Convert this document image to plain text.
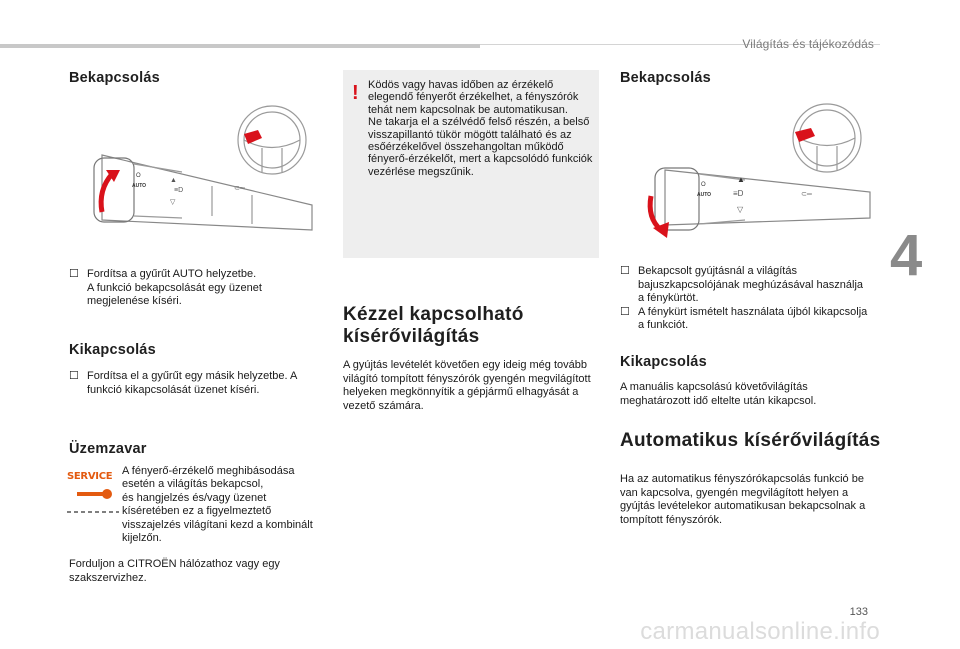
Világítás és tájékozódás
4
133
carmanualsonline.info
Bekapcsolás
O
AUTO
▲
▽
≡D	⊂═
☐ Fordítsa a gyűrűt AUTO helyzetbe.
A funkció bekapcsolását egy üzenet megjelenése kíséri.

Kikapcsolás
☐ Fordítsa el a gyűrűt egy másik helyzetbe. A funkció kikapcsolását üzenet kíséri.

Üzemzavar
SERVICE A fényerő-érzékelő meghibásodása esetén a világítás bekapcsol,
és hangjelzés és/vagy üzenet kíséretében ez a figyelmeztető visszajelzés világítani kezd a kombinált kijelzőn.
Forduljon a CITROËN hálózathoz vagy egy szakszervizhez.
! Ködös vagy havas időben az érzékelő elegendő fényerőt érzékelhet, a fényszórók tehát nem kapcsolnak be automatikusan.
Ne takarja el a szélvédő felső részén, a belső visszapillantó tükör mögött található és az esőérzékelővel összehangoltan működő fényerő-érzékelőt, mert a kapcsolódó funkciók vezérlése megszűnik.
Kézzel kapcsolható kísérővilágítás
A gyújtás levételét követően egy ideig még tovább világító tompított fényszórók gyengén megvilágított helyeken megkönnyítik a gépjármű elhagyását a vezető számára.
Bekapcsolás
O
AUTO
▲
▽
≡D	⊂═
☐ Bekapcsolt gyújtásnál a világítás bajuszkapcsolójának meghúzásával használja a fénykürtöt.

☐ A fénykürt ismételt használata újból kikapcsolja a funkciót.

Kikapcsolás
A manuális kapcsolású követővilágítás meghatározott idő eltelte után kikapcsol.
Automatikus kísérővilágítás
Ha az automatikus fényszórókapcsolás funkció be van kapcsolva, gyengén megvilágított helyen a gyújtás levételekor automatikusan bekapcsolnak a tompított fényszórók.
